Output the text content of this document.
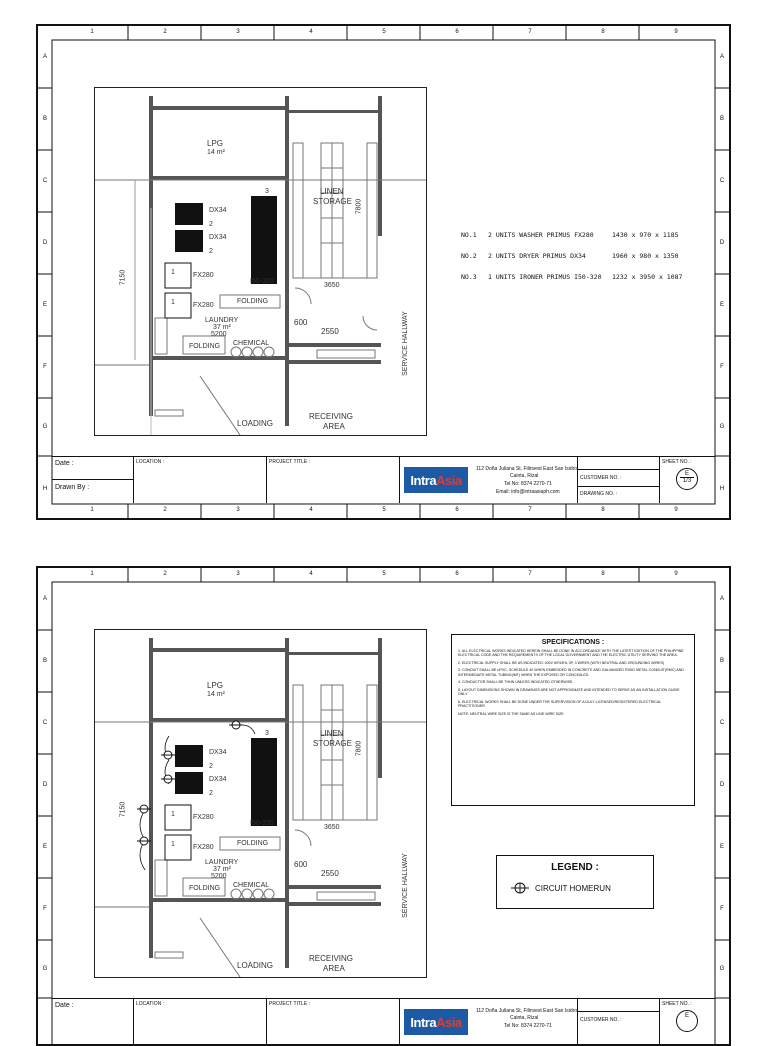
1	2	3	4	5	6	7	8	9
1	2	3	4	5	6	7	8	9
A
B
C
D
E
F
G
H
A
B
C
D
E
F
G
H
LPG
14 m²
LINEN
STORAGE 7800
3650
7150
DX34
DX34
2
2
1
1
3
FX280
FX280
I50-320
FOLDING
FOLDING
LAUNDRY
37 m²
5200
CHEMICAL
600
2550	SERVICE HALLWAY
LOADING
RECEIVING
AREA
NO.1 2 UNITS WASHER PRIMUS FX280	1430 x 970 x 1185
NO.2 2 UNITS DRYER PRIMUS DX34	1960 x 980 x 1350
NO.3 1 UNITS IRONER PRIMUS I50-320 1232 x 3950 x 1087
Date :
Drawn By :
LOCATION :	PROJECT TITLE :
Intra Asia
112 Doña Juliana St, Filinvest East San Isidro
Cainta, Rizal
Tel No: 8374 2270-71
Email: info@intraasiaph.com
CUSTOMER NO. :
DRAWING NO. :
SHEET NO. :
E
1/3
1	2	3	4	5	6	7	8	9
A
B
C
D
E
F
G
A
B
C
D
E
F
G
LPG
14 m²
LINEN
STORAGE 7800
3650
7150
DX34
DX34
2
2
1
1
3
FX280
FX280
I50-320
FOLDING
FOLDING
LAUNDRY
37 m²
5200
CHEMICAL
600
2550	SERVICE HALLWAY
LOADING
RECEIVING
AREA
SPECIFICATIONS :
1. ALL ELECTRICAL WORKS INDICATED HEREIN SHALL BE DONE IN ACCORDANCE WITH THE LATEST EDITION OF THE PHILIPPINE ELECTRICAL CODE AND THE REQUIREMENTS OF THE LOCAL GOVERNMENT AND THE ELECTRIC UTILITY SERVING THE AREA.
2. ELECTRICAL SUPPLY SHALL BE AS INDICATED: 400V 60%3HL 3P, 3 WIRES (WITH NEUTRAL AND GROUNDING WIRES)
3. CONDUIT SHALL BE uPVC, SCHEDULE 40 WHEN EMBEDDED IN CONCRETE AND GALVANIZED RIGID METAL CONDUIT(RMC) AND INTERMEDIATE METAL TUBING(IMT) WHEN THE EXPOSED OR CONCEALED.
4. CONDUCTOR SHALL BE THHN UNLESS INDICATED OTHERWISE.
5. LAYOUT DIMENSIONS SHOWN IN DRAWINGS ARE NOT APPROXIMATE AND INTENDED TO SERVE AS AN INSTALLATION GUIDE ONLY.
6. ELECTRICAL WORKS SHALL BE DONE UNDER THE SUPERVISION OF A DULY LICENSED/REGISTERED ELECTRICAL PRACTITIONER.
NOTE: NEUTRAL WIRE SIZE IS THE SAME AS LINE WIRE SIZE
LEGEND :
CIRCUIT HOMERUN
Date :	LOCATION :	PROJECT TITLE :
Intra Asia
112 Doña Juliana St, Filinvest East San Isidro
Cainta, Rizal
Tel No: 8374 2270-71
CUSTOMER NO. :
SHEET NO. :
E
